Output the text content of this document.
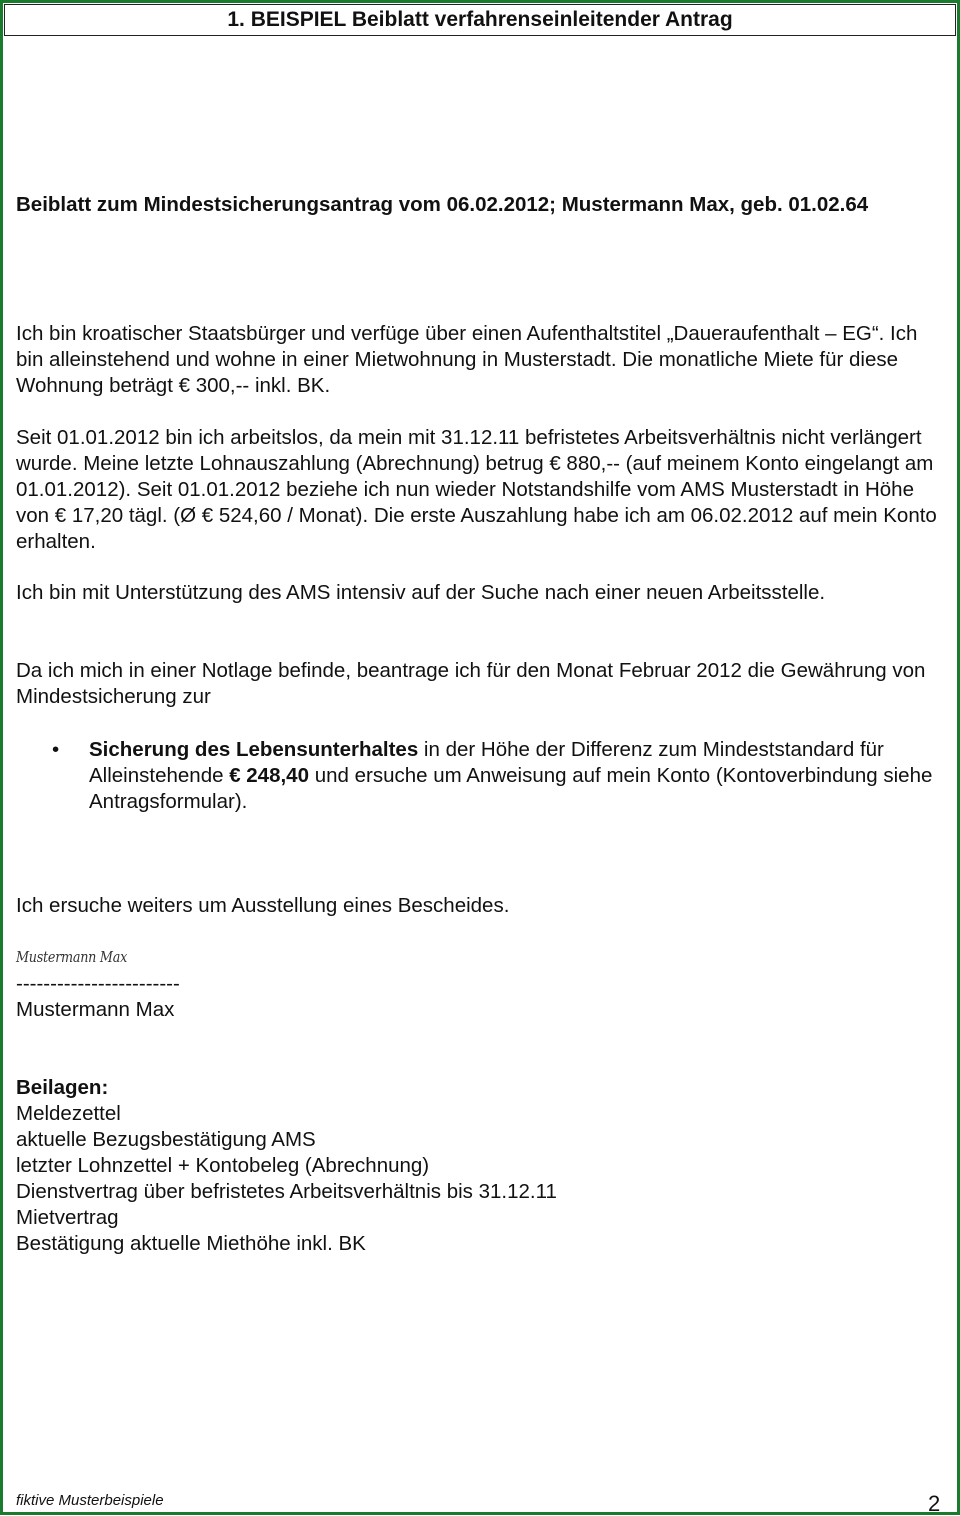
1. BEISPIEL Beiblatt verfahrenseinleitender Antrag
Beiblatt zum Mindestsicherungsantrag vom 06.02.2012; Mustermann Max, geb. 01.02.64
Ich bin kroatischer Staatsbürger und verfüge über einen Aufenthaltstitel „Daueraufenthalt – EG“. Ich bin alleinstehend und wohne in einer Mietwohnung in Musterstadt. Die monatliche Miete für diese Wohnung beträgt € 300,-- inkl. BK.
Seit 01.01.2012 bin ich arbeitslos, da mein mit 31.12.11 befristetes Arbeitsverhältnis nicht verlängert wurde. Meine letzte Lohnauszahlung (Abrechnung) betrug € 880,-- (auf meinem Konto eingelangt am 01.01.2012). Seit 01.01.2012 beziehe ich nun wieder Notstandshilfe vom AMS Musterstadt in Höhe von € 17,20 tägl. (Ø € 524,60 / Monat). Die erste Auszahlung habe ich am 06.02.2012 auf mein Konto erhalten.
Ich bin mit Unterstützung des AMS intensiv auf der Suche nach einer neuen Arbeitsstelle.
Da ich mich in einer Notlage befinde, beantrage ich für den Monat Februar 2012 die Gewährung von Mindestsicherung zur
•	Sicherung des Lebensunterhaltes in der Höhe der Differenz zum Mindeststandard für Alleinstehende € 248,40 und ersuche um Anweisung auf mein Konto (Kontoverbindung siehe Antragsformular).
Ich ersuche weiters um Ausstellung eines Bescheides.
Mustermann Max
------------------------
Mustermann Max
Beilagen:
Meldezettel
aktuelle Bezugsbestätigung AMS
letzter Lohnzettel + Kontobeleg (Abrechnung)
Dienstvertrag über befristetes Arbeitsverhältnis bis 31.12.11
Mietvertrag
Bestätigung aktuelle Miethöhe inkl. BK
fiktive Musterbeispiele	2
